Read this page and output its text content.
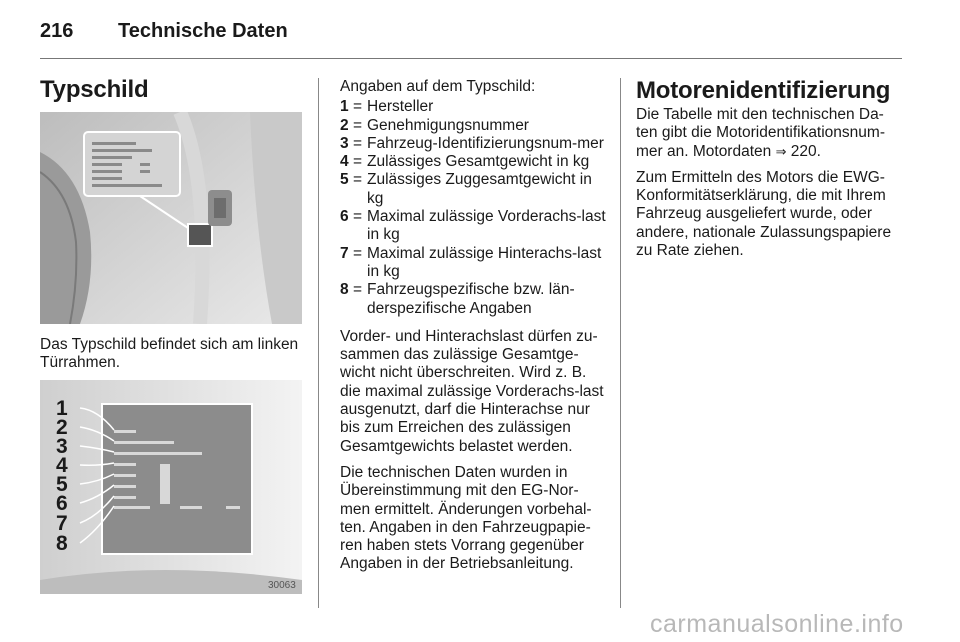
216 Technische Daten
Typschild
Das Typschild befindet sich am linken Türrahmen.
1
2
3
4
5
6
7
8
30063

Angaben auf dem Typschild:

1 = Hersteller
2 = Genehmigungsnummer
3 = Fahrzeug-Identifizierungsnum-mer
4 = Zulässiges Gesamtgewicht in kg
5 = Zulässiges Zuggesamtgewicht in kg
6 = Maximal zulässige Vorderachs-last in kg
7 = Maximal zulässige Hinterachs-last in kg
8 = Fahrzeugspezifische bzw. län-derspezifische Angaben

Vorder- und Hinterachslast dürfen zu-sammen das zulässige Gesamtge-wicht nicht überschreiten. Wird z. B. die maximal zulässige Vorderachs-last ausgenutzt, darf die Hinterachse nur bis zum Erreichen des zulässigen Gesamtgewichts belastet werden.

Die technischen Daten wurden in Übereinstimmung mit den EG-Nor-men ermittelt. Änderungen vorbehal-ten. Angaben in den Fahrzeugpapie-ren haben stets Vorrang gegenüber Angaben in der Betriebsanleitung.

Motorenidentifizierung

Die Tabelle mit den technischen Da-ten gibt die Motoridentifikationsnum-mer an. Motordaten ⇒ 220.

Zum Ermitteln des Motors die EWG-Konformitätserklärung, die mit Ihrem Fahrzeug ausgeliefert wurde, oder andere, nationale Zulassungspapiere zu Rate ziehen.

carmanualsonline.info
